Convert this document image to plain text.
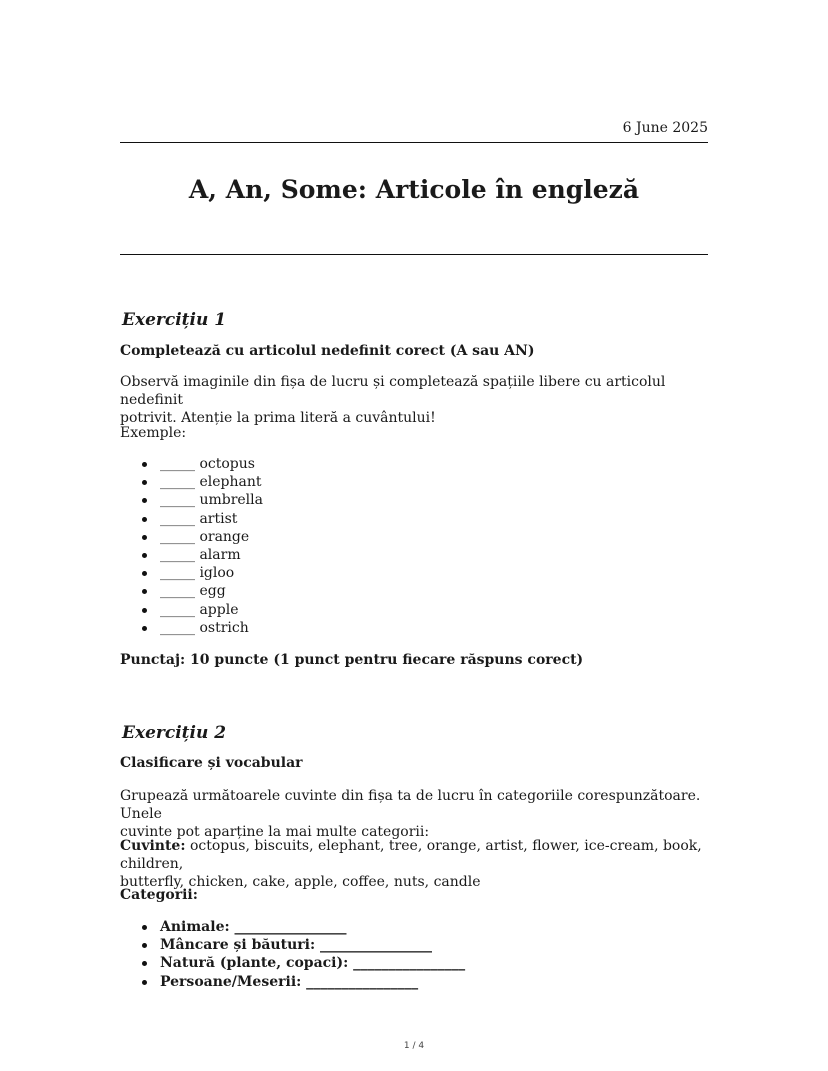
6 June 2025
A, An, Some: Articole în engleză
Exercițiu 1
Completează cu articolul nedefinit corect (A sau AN)

Observă imaginile din fișa de lucru și completează spațiile libere cu articolul nedefinit

potrivit. Atenție la prima literă a cuvântului!

Exemple:
_____ octopus
_____ elephant
_____ umbrella
_____ artist
_____ orange
_____ alarm
_____ igloo
_____ egg
_____ apple
_____ ostrich
Punctaj: 10 puncte (1 punct pentru fiecare răspuns corect)
Exercițiu 2
Clasificare și vocabular

Grupează următoarele cuvinte din fișa ta de lucru în categoriile corespunzătoare. Unele

cuvinte pot aparține la mai multe categorii:

Cuvinte: octopus, biscuits, elephant, tree, orange, artist, flower, ice-cream, book, children,

butterfly, chicken, cake, apple, coffee, nuts, candle

Categorii:
Animale: ________________
Mâncare și băuturi: ________________
Natură (plante, copaci): ________________
Persoane/Meserii: ________________
1 / 4
